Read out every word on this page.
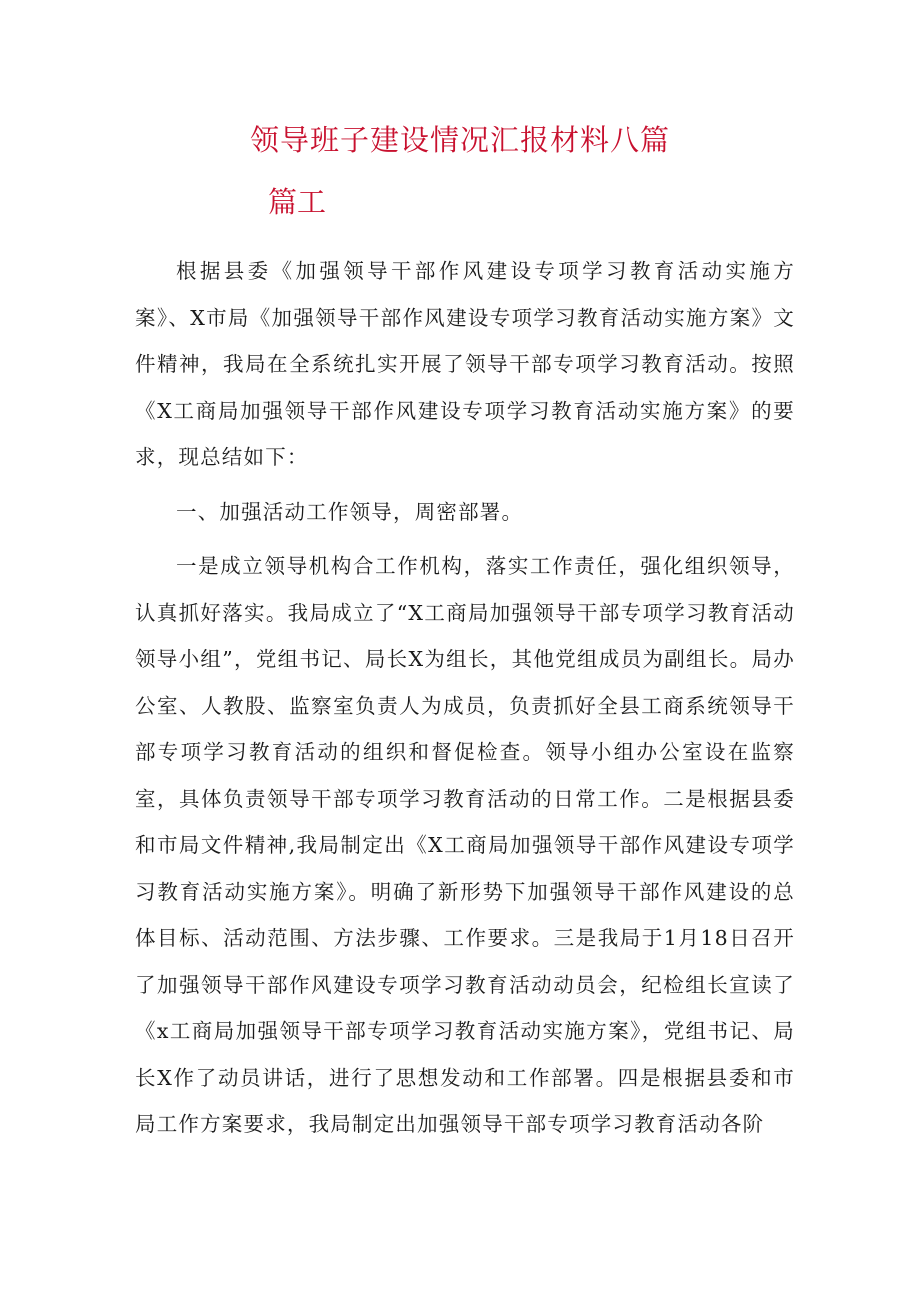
领导班子建设情况汇报材料八篇
篇工

根据县委《加强领导干部作风建设专项学习教育活动实施方案》、X市局《加强领导干部作风建设专项学习教育活动实施方案》文件精神，我局在全系统扎实开展了领导干部专项学习教育活动。按照《X工商局加强领导干部作风建设专项学习教育活动实施方案》的要求，现总结如下：

一、加强活动工作领导，周密部署。

一是成立领导机构合工作机构，落实工作责任，强化组织领导，认真抓好落实。我局成立了“X工商局加强领导干部专项学习教育活动领导小组”，党组书记、局长X为组长，其他党组成员为副组长。局办公室、人教股、监察室负责人为成员，负责抓好全县工商系统领导干部专项学习教育活动的组织和督促检查。领导小组办公室设在监察室，具体负责领导干部专项学习教育活动的日常工作。二是根据县委和市局文件精神,我局制定出《X工商局加强领导干部作风建设专项学习教育活动实施方案》。明确了新形势下加强领导干部作风建设的总体目标、活动范围、方法步骤、工作要求。三是我局于1月18日召开了加强领导干部作风建设专项学习教育活动动员会，纪检组长宣读了《x工商局加强领导干部专项学习教育活动实施方案》，党组书记、局长X作了动员讲话，进行了思想发动和工作部署。四是根据县委和市局工作方案要求，我局制定出加强领导干部专项学习教育活动各阶
